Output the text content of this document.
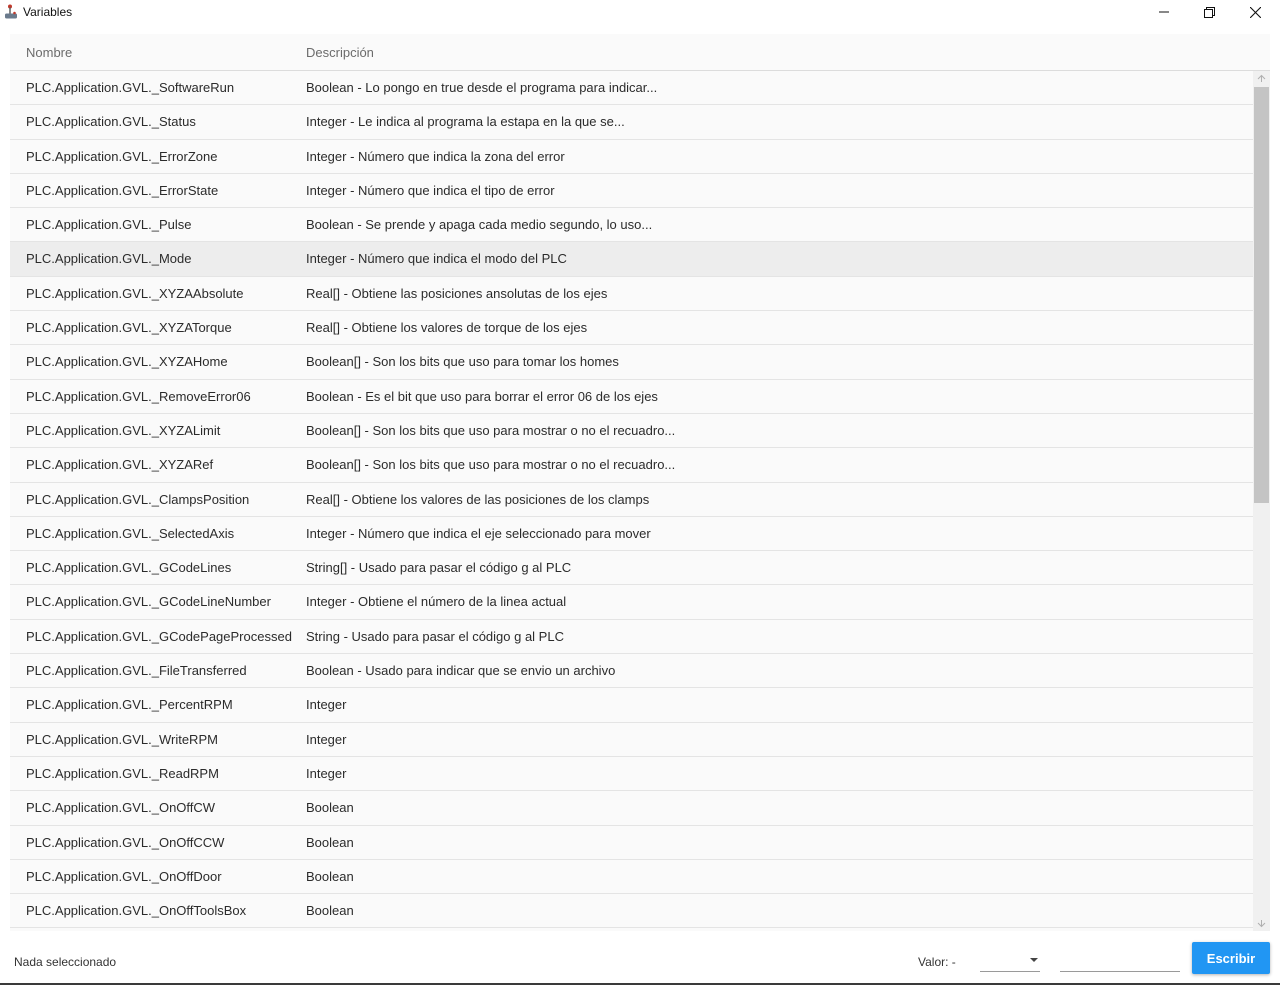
Variables
Nombre	Descripción
PLC.Application.GVL._SoftwareRun	Boolean - Lo pongo en true desde el programa para indicar...
PLC.Application.GVL._Status	Integer - Le indica al programa la estapa en la que se...
PLC.Application.GVL._ErrorZone	Integer - Número que indica la zona del error
PLC.Application.GVL._ErrorState	Integer - Número que indica el tipo de error
PLC.Application.GVL._Pulse	Boolean - Se prende y apaga cada medio segundo, lo uso...
PLC.Application.GVL._Mode	Integer - Número que indica el modo del PLC
PLC.Application.GVL._XYZAAbsolute	Real[] - Obtiene las posiciones ansolutas de los ejes
PLC.Application.GVL._XYZATorque	Real[] - Obtiene los valores de torque de los ejes
PLC.Application.GVL._XYZAHome	Boolean[] - Son los bits que uso para tomar los homes
PLC.Application.GVL._RemoveError06	Boolean - Es el bit que uso para borrar el error 06 de los ejes
PLC.Application.GVL._XYZALimit	Boolean[] - Son los bits que uso para mostrar o no el recuadro...
PLC.Application.GVL._XYZARef	Boolean[] - Son los bits que uso para mostrar o no el recuadro...
PLC.Application.GVL._ClampsPosition	Real[] - Obtiene los valores de las posiciones de los clamps
PLC.Application.GVL._SelectedAxis	Integer - Número que indica el eje seleccionado para mover
PLC.Application.GVL._GCodeLines	String[] - Usado para pasar el código g al PLC
PLC.Application.GVL._GCodeLineNumber	Integer - Obtiene el número de la linea actual
PLC.Application.GVL._GCodePageProcessed String - Usado para pasar el código g al PLC
PLC.Application.GVL._FileTransferred	Boolean - Usado para indicar que se envio un archivo
PLC.Application.GVL._PercentRPM	Integer
PLC.Application.GVL._WriteRPM	Integer
PLC.Application.GVL._ReadRPM	Integer
PLC.Application.GVL._OnOffCW	Boolean
PLC.Application.GVL._OnOffCCW	Boolean
PLC.Application.GVL._OnOffDoor	Boolean
PLC.Application.GVL._OnOffToolsBox	Boolean
Nada seleccionado	Valor: -	Escribir
